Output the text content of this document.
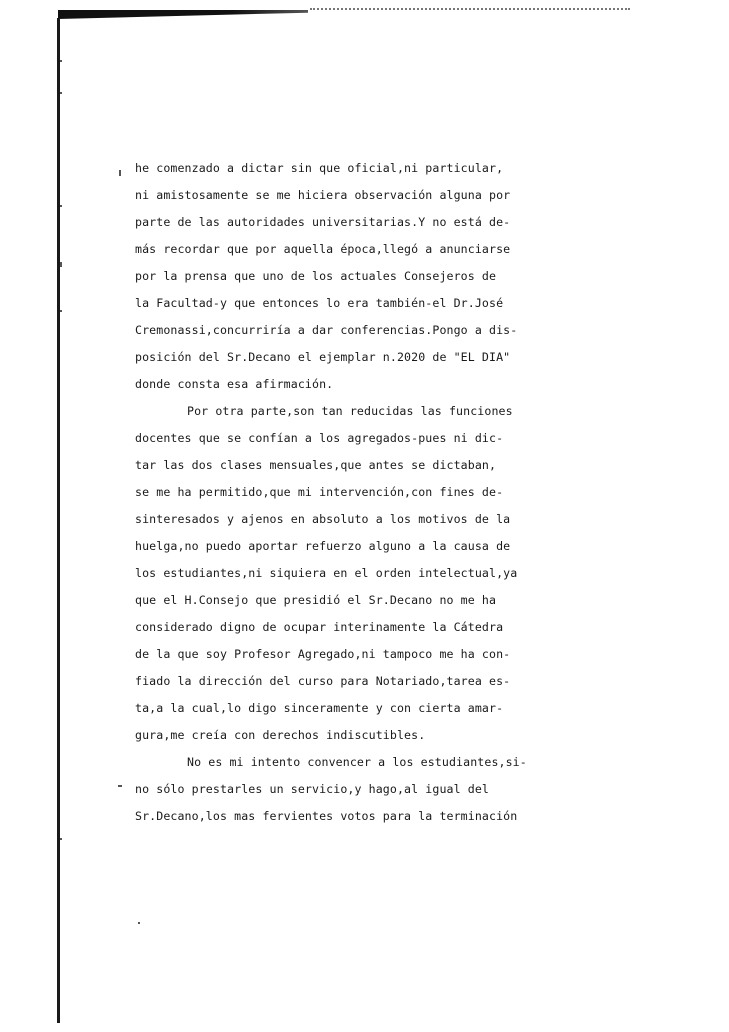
he comenzado a dictar sin que oficial,ni particular,
ni amistosamente se me hiciera observación alguna por
parte de las autoridades universitarias.Y no está de-
más recordar que por aquella época,llegó a anunciarse
por la prensa que uno de los actuales Consejeros de
la Facultad-y que entonces lo era también-el Dr.José
Cremonassi,concurriría a dar conferencias.Pongo a dis-
posición del Sr.Decano el ejemplar n.2020 de "EL DIA"
donde consta esa afirmación.
Por otra parte,son tan reducidas las funciones
docentes que se confían a los agregados-pues ni dic-
tar las dos clases mensuales,que antes se dictaban,
se me ha permitido,que mi intervención,con fines de-
sinteresados y ajenos en absoluto a los motivos de la
huelga,no puedo aportar refuerzo alguno a la causa de
los estudiantes,ni siquiera en el orden intelectual,ya
que el H.Consejo que presidió el Sr.Decano no me ha
considerado digno de ocupar interinamente la Cátedra
de la que soy Profesor Agregado,ni tampoco me ha con-
fiado la dirección del curso para Notariado,tarea es-
ta,a la cual,lo digo sinceramente y con cierta amar-
gura,me creía con derechos indiscutibles.
No es mi intento convencer a los estudiantes,si-
no sólo prestarles un servicio,y hago,al igual del
Sr.Decano,los mas fervientes votos para la terminación
